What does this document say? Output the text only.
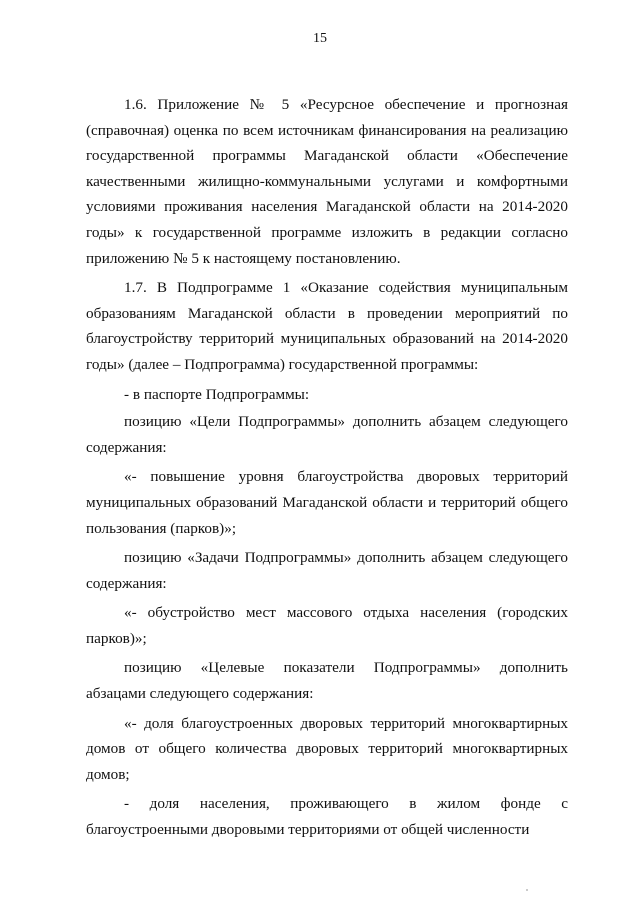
15

1.6. Приложение № 5 «Ресурсное обеспечение и прогнозная (справочная) оценка по всем источникам финансирования на реализацию государственной программы Магаданской области «Обеспечение качественными жилищно-коммунальными услугами и комфортными условиями проживания населения Магаданской области на 2014-2020 годы» к государственной программе изложить в редакции согласно приложению № 5 к настоящему постановлению.

1.7. В Подпрограмме 1 «Оказание содействия муниципальным образованиям Магаданской области в проведении мероприятий по благоустройству территорий муниципальных образований на 2014-2020 годы» (далее – Подпрограмма) государственной программы:

- в паспорте Подпрограммы:

позицию «Цели Подпрограммы» дополнить абзацем следующего содержания:

«- повышение уровня благоустройства дворовых территорий муниципальных образований Магаданской области и территорий общего пользования (парков)»;

позицию «Задачи Подпрограммы» дополнить абзацем следующего содержания:

«- обустройство мест массового отдыха населения (городских парков)»;

позицию «Целевые показатели Подпрограммы» дополнить абзацами следующего содержания:

«- доля благоустроенных дворовых территорий многоквартирных домов от общего количества дворовых территорий многоквартирных домов;

- доля населения, проживающего в жилом фонде с благоустроенными дворовыми территориями от общей численности
